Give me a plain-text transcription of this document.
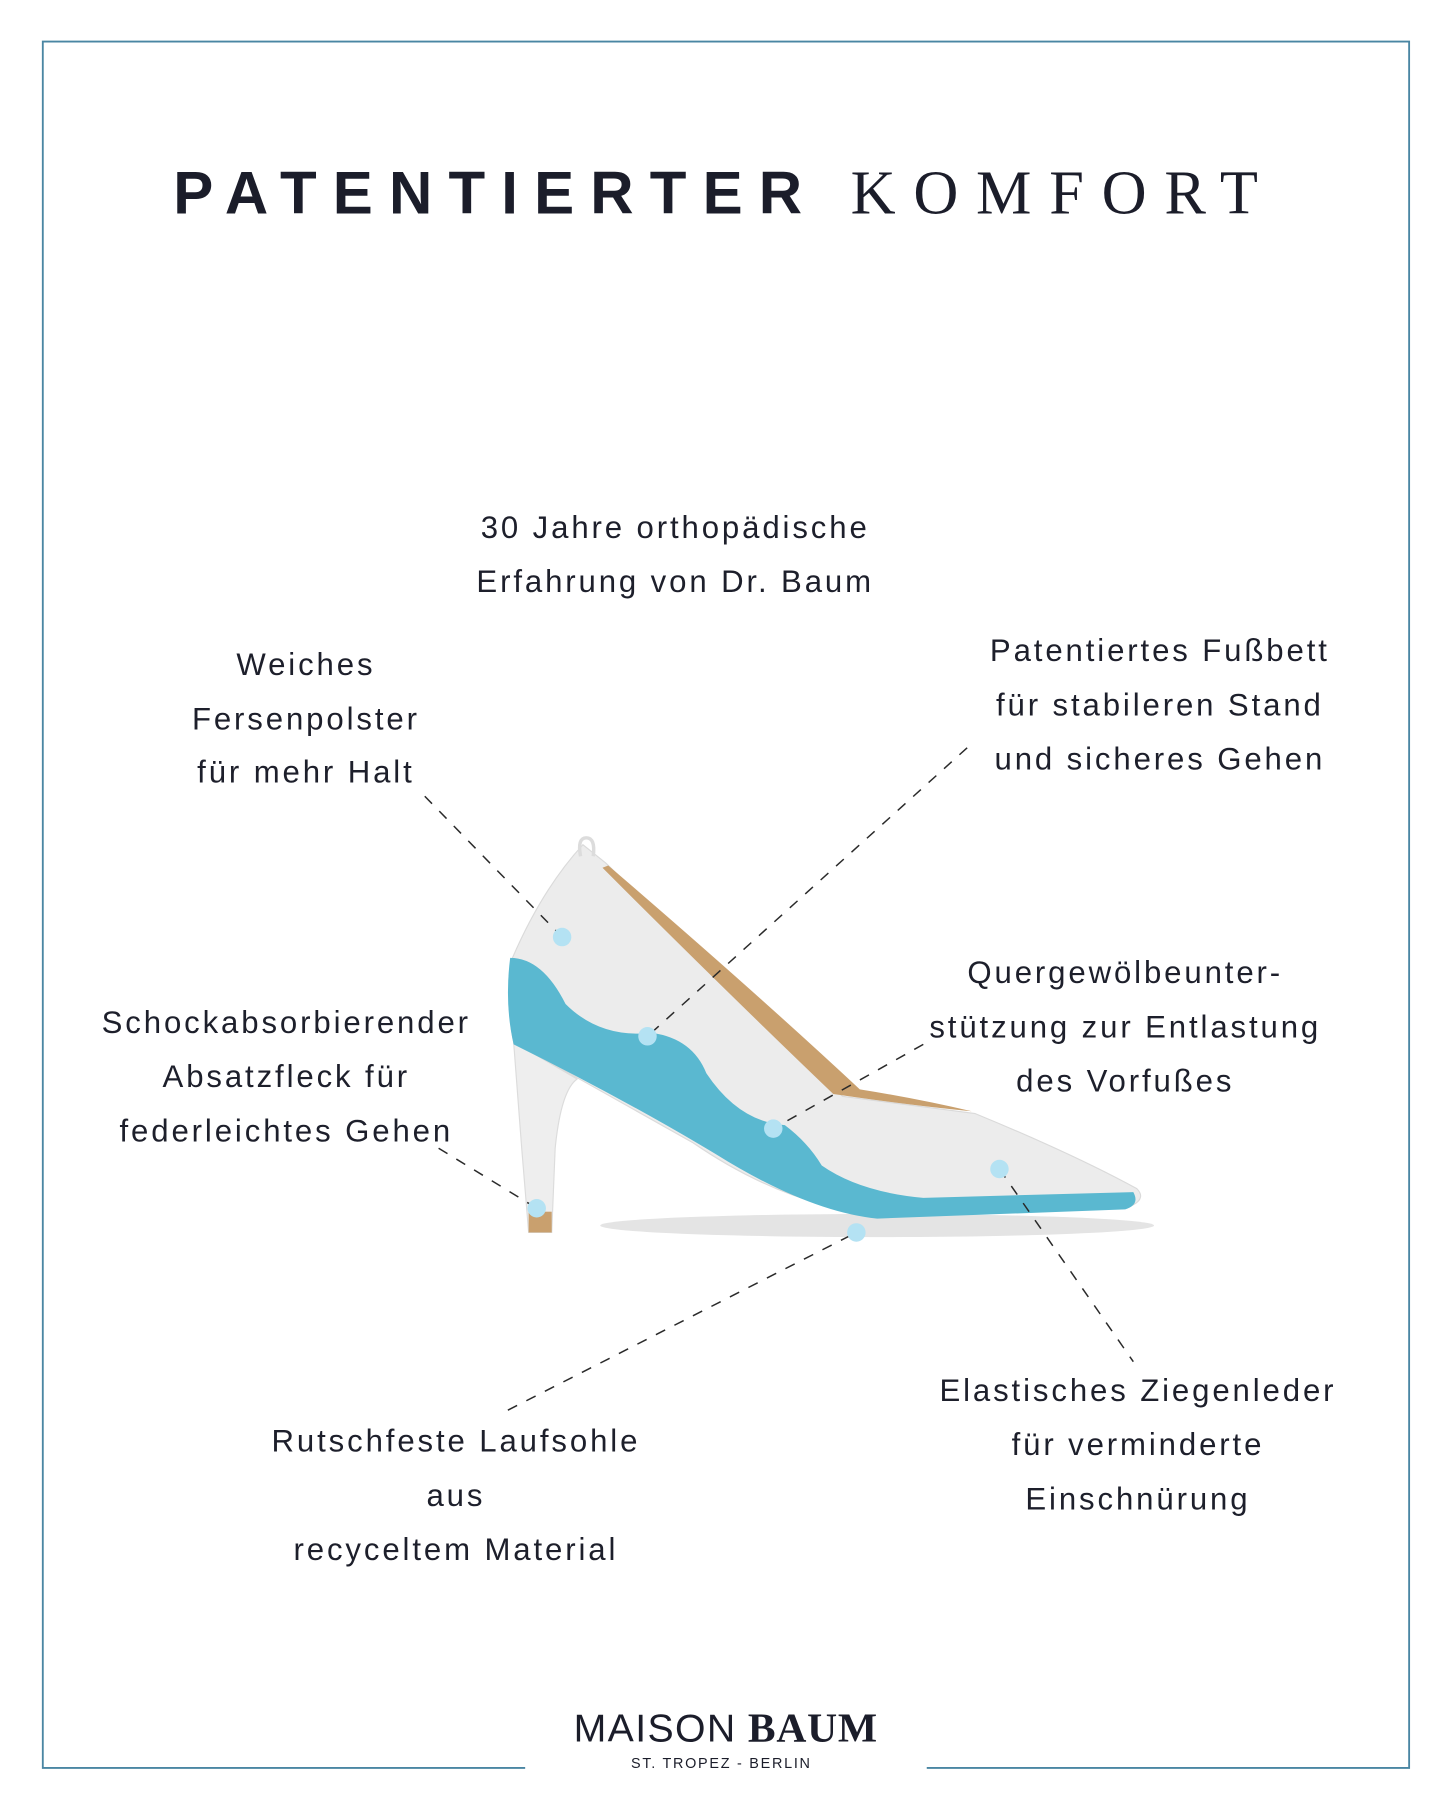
PATENTIERTER KOMFORT
30 Jahre orthopädische
Erfahrung von Dr. Baum
Weiches
Fersenpolster
für mehr Halt
Patentiertes Fußbett
für stabileren Stand
und sicheres Gehen
Schockabsorbierender
Absatzfleck für
federleichtes Gehen
Quergewölbeunter-
stützung zur Entlastung
des Vorfußes
Rutschfeste Laufsohle
aus
recyceltem Material
Elastisches Ziegenleder
für verminderte
Einschnürung
MAISON BAUM
ST. TROPEZ - BERLIN
